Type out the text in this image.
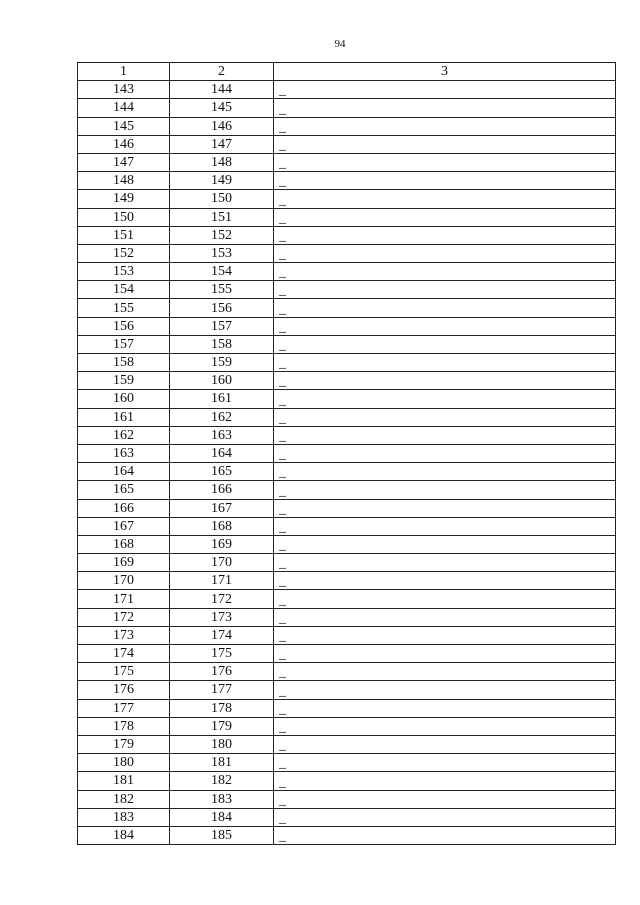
94
1	2	3
143	144	_
144	145	_
145	146	_
146	147	_
147	148	_
148	149	_
149	150	_
150	151	_
151	152	_
152	153	_
153	154	_
154	155	_
155	156	_
156	157	_
157	158	_
158	159	_
159	160	_
160	161	_
161	162	_
162	163	_
163	164	_
164	165	_
165	166	_
166	167	_
167	168	_
168	169	_
169	170	_
170	171	_
171	172	_
172	173	_
173	174	_
174	175	_
175	176	_
176	177	_
177	178	_
178	179	_
179	180	_
180	181	_
181	182	_
182	183	_
183	184	_
184	185	_
